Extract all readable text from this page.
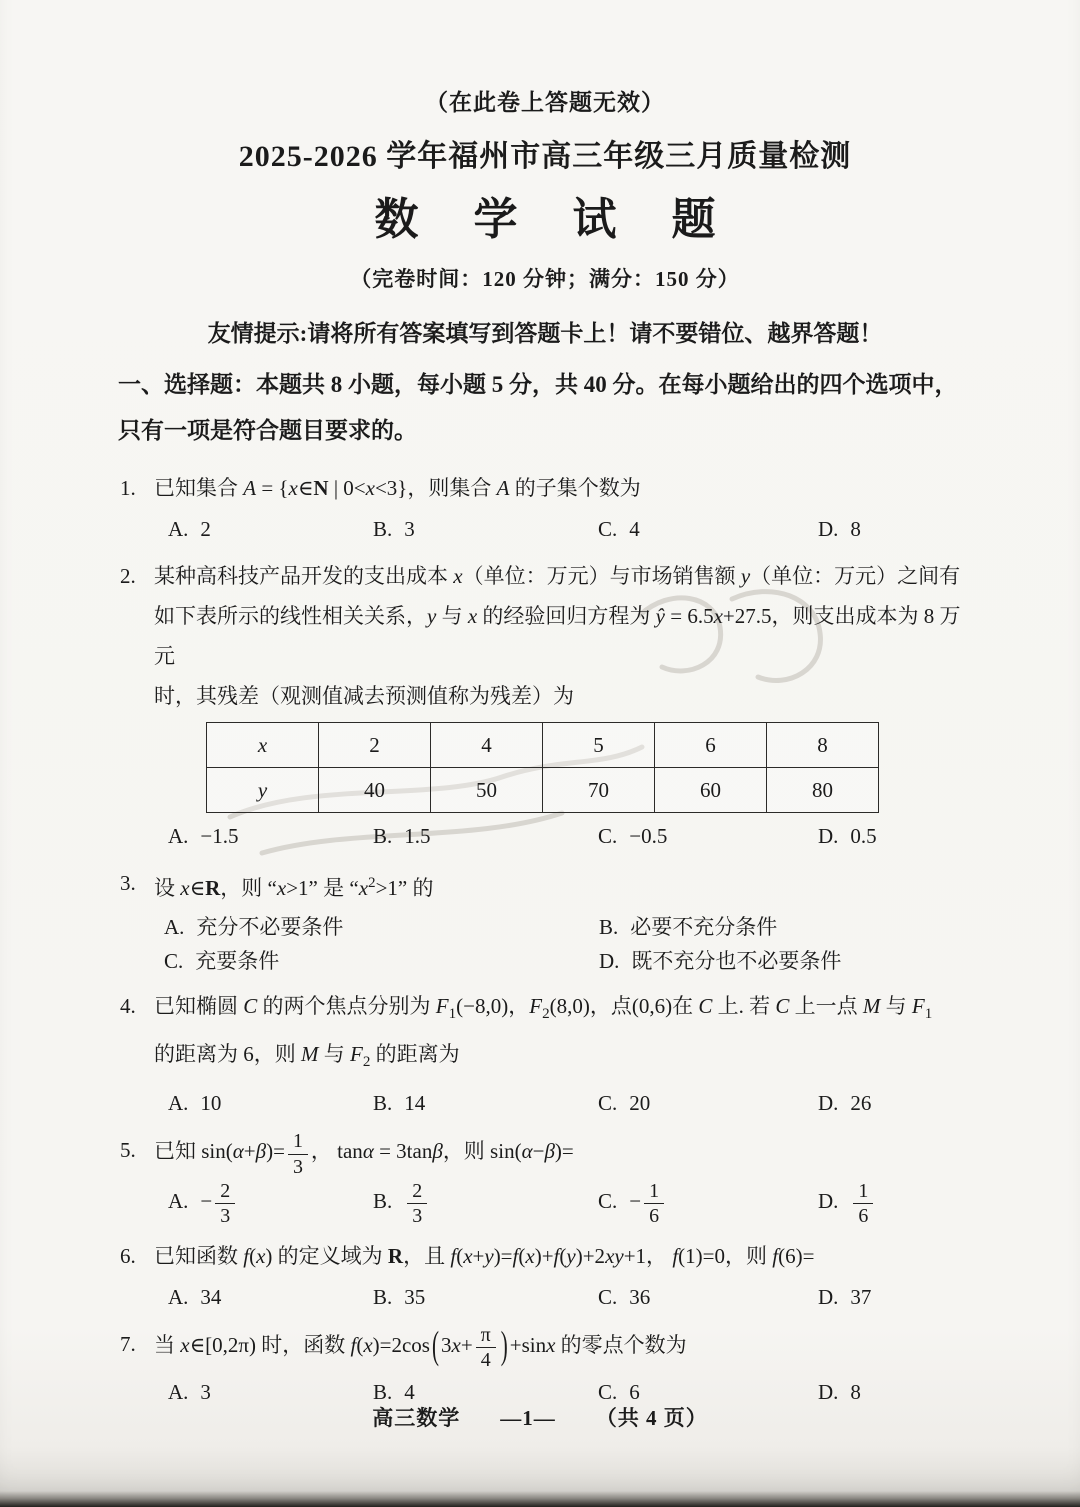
（在此卷上答题无效）
2025-2026 学年福州市高三年级三月质量检测
数 学 试 题
（完卷时间：120 分钟；满分：150 分）
友情提示:请将所有答案填写到答题卡上！请不要错位、越界答题！
一、选择题：本题共 8 小题，每小题 5 分，共 40 分。在每小题给出的四个选项中，
只有一项是符合题目要求的。
1. 已知集合 A = {x∈N | 0<x<3}，则集合 A 的子集个数为
A. 2	B. 3	C. 4	D. 8
2. 某种高科技产品开发的支出成本 x（单位：万元）与市场销售额 y（单位：万元）之间有
如下表所示的线性相关关系，y 与 x 的经验回归方程为 ŷ = 6.5x+27.5，则支出成本为 8 万元
时，其残差（观测值减去预测值称为残差）为
x	2	4	5	6	8
y	40	50	70	60	80
A. −1.5	B. 1.5	C. −0.5	D. 0.5
3. 设 x∈R，则 “x>1” 是 “$x^2>1$” 的
A. 充分不必要条件	B. 必要不充分条件
C. 充要条件	D. 既不充分也不必要条件
4. 已知椭圆 C 的两个焦点分别为 $F_1(-8,0)$，$F_2(8,0)$，点(0,6)在 C 上. 若 C 上一点 M 与 $F_1$
的距离为 6，则 M 与 $F_2$ 的距离为
A. 10	B. 14	C. 20	D. 26
5. 已知 $\sin(\alpha+\beta)= \frac{1}{3}$ ， tanα = 3tanβ，则 sin(α−β)=
A. − $\frac{2}{3}$	B. $\frac{2}{3}$	C. − $\frac{1}{6}$	D. $\frac{1}{6}$
6. 已知函数 f(x) 的定义域为 R，且 f(x+y)=f(x)+f(y)+2xy+1， f(1)=0，则 f(6)=
A. 34	B. 35	C. 36	D. 37
7. 当 x∈[0,2π) 时，函数 $f(x)=2\cos(3x+ \frac{\pi}{4} )+\sin x$ 的零点个数为
A. 3	B. 4	C. 6	D. 8
高三数学 —1— （共 4 页）
